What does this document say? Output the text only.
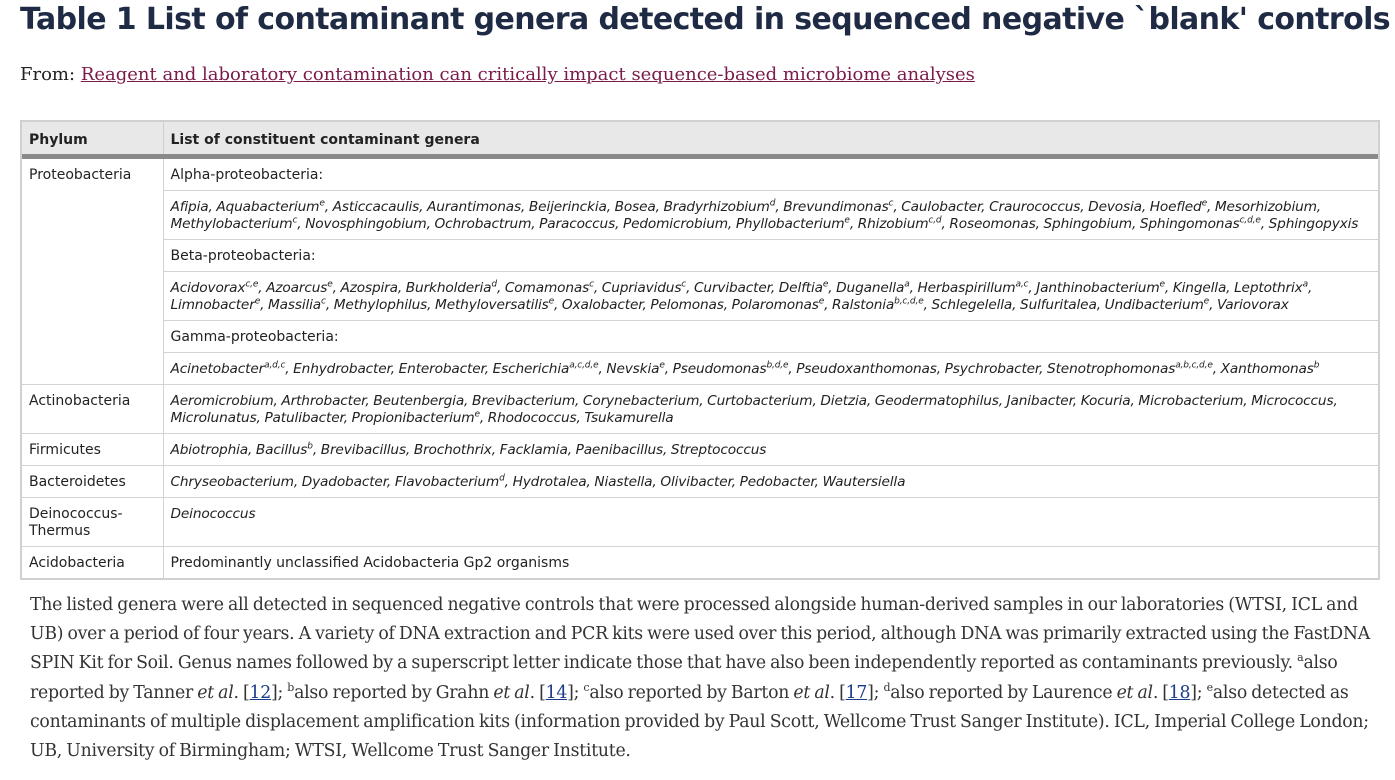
Table 1 List of contaminant genera detected in sequenced negative `blank' controls
From: Reagent and laboratory contamination can critically impact sequence-based microbiome analyses
Phylum	List of constituent contaminant genera
Proteobacteria	Alpha-proteobacteria:
	Afipia, Aquabacterium$^e$, Asticcacaulis, Aurantimonas, Beijerinckia, Bosea, Bradyrhizobium$^d$, Brevundimonas$^c$, Caulobacter, Craurococcus, Devosia, Hoefled$^e$, Mesorhizobium, Methylobacterium$^c$, Novosphingobium, Ochrobactrum, Paracoccus, Pedomicrobium, Phyllobacterium$^e$, Rhizobium$^{c,d}$, Roseomonas, Sphingobium, Sphingomonas$^{c,d,e}$, Sphingopyxis
	Beta-proteobacteria:
	Acidovorax$^{c,e}$, Azoarcus$^e$, Azospira, Burkholderia$^d$, Comamonas$^c$, Cupriavidus$^c$, Curvibacter, Delftia$^e$, Duganella$^a$, Herbaspirillum$^{a,c}$, Janthinobacterium$^e$, Kingella, Leptothrix$^a$, Limnobacter$^e$, Massilia$^c$, Methylophilus, Methyloversatilis$^e$, Oxalobacter, Pelomonas, Polaromonas$^e$, Ralstonia$^{b,c,d,e}$, Schlegelella, Sulfuritalea, Undibacterium$^e$, Variovorax
	Gamma-proteobacteria:
	Acinetobacter$^{a,d,c}$, Enhydrobacter, Enterobacter, Escherichia$^{a,c,d,e}$, Nevskia$^e$, Pseudomonas$^{b,d,e}$, Pseudoxanthomonas, Psychrobacter, Stenotrophomonas$^{a,b,c,d,e}$, Xanthomonas$^b$
Actinobacteria	Aeromicrobium, Arthrobacter, Beutenbergia, Brevibacterium, Corynebacterium, Curtobacterium, Dietzia, Geodermatophilus, Janibacter, Kocuria, Microbacterium, Micrococcus, Microlunatus, Patulibacter, Propionibacterium$^e$, Rhodococcus, Tsukamurella
Firmicutes	Abiotrophia, Bacillus$^b$, Brevibacillus, Brochothrix, Facklamia, Paenibacillus, Streptococcus
Bacteroidetes	Chryseobacterium, Dyadobacter, Flavobacterium$^d$, Hydrotalea, Niastella, Olivibacter, Pedobacter, Wautersiella
Deinococcus-Thermus	Deinococcus
Acidobacteria	Predominantly unclassified Acidobacteria Gp2 organisms
The listed genera were all detected in sequenced negative controls that were processed alongside human-derived samples in our laboratories (WTSI, ICL and UB) over a period of four years. A variety of DNA extraction and PCR kits were used over this period, although DNA was primarily extracted using the FastDNA SPIN Kit for Soil. Genus names followed by a superscript letter indicate those that have also been independently reported as contaminants previously. $^a$also reported by Tanner et al. [12]; $^b$also reported by Grahn et al. [14]; $^c$also reported by Barton et al. [17]; $^d$also reported by Laurence et al. [18]; $^e$also detected as contaminants of multiple displacement amplification kits (information provided by Paul Scott, Wellcome Trust Sanger Institute). ICL, Imperial College London; UB, University of Birmingham; WTSI, Wellcome Trust Sanger Institute.
